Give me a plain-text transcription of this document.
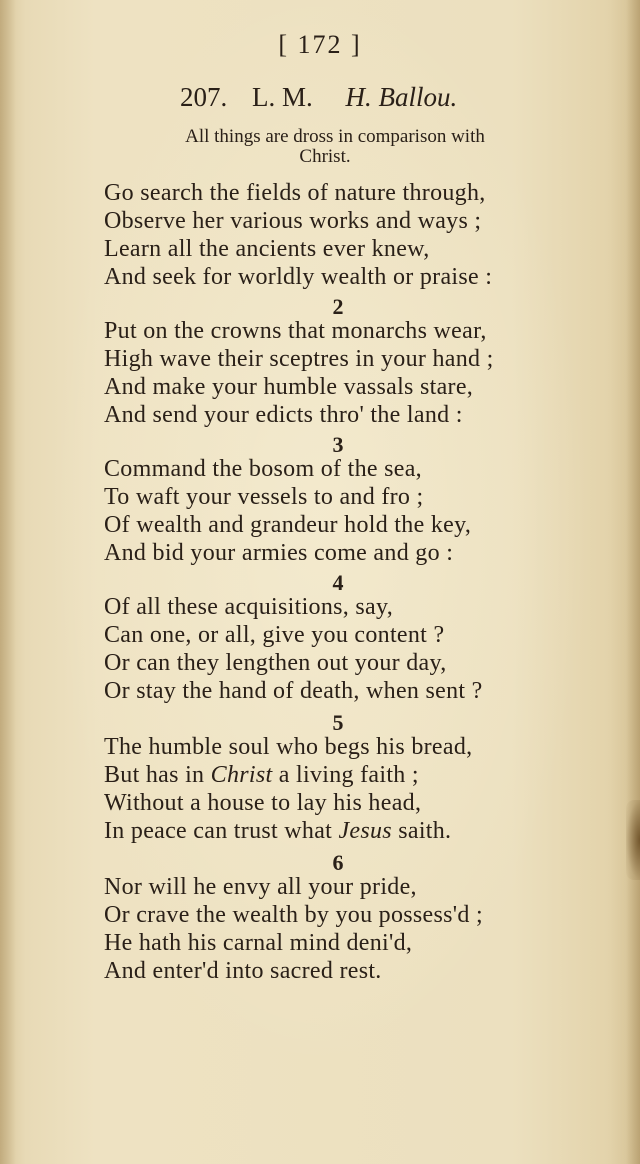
[ 172 ]
207. L. M. H. Ballou.
All things are dross in comparison with
Christ.
Go search the fields of nature through,
Observe her various works and ways ;
Learn all the ancients ever knew,
And seek for worldly wealth or praise :
2
Put on the crowns that monarchs wear,
High wave their sceptres in your hand ;
And make your humble vassals stare,
And send your edicts thro' the land :
3
Command the bosom of the sea,
To waft your vessels to and fro ;
Of wealth and grandeur hold the key,
And bid your armies come and go :
4
Of all these acquisitions, say,
Can one, or all, give you content ?
Or can they lengthen out your day,
Or stay the hand of death, when sent ?
5
The humble soul who begs his bread,
But has in Christ a living faith ;
Without a house to lay his head,
In peace can trust what Jesus saith.
6
Nor will he envy all your pride,
Or crave the wealth by you possess'd ;
He hath his carnal mind deni'd,
And enter'd into sacred rest.
